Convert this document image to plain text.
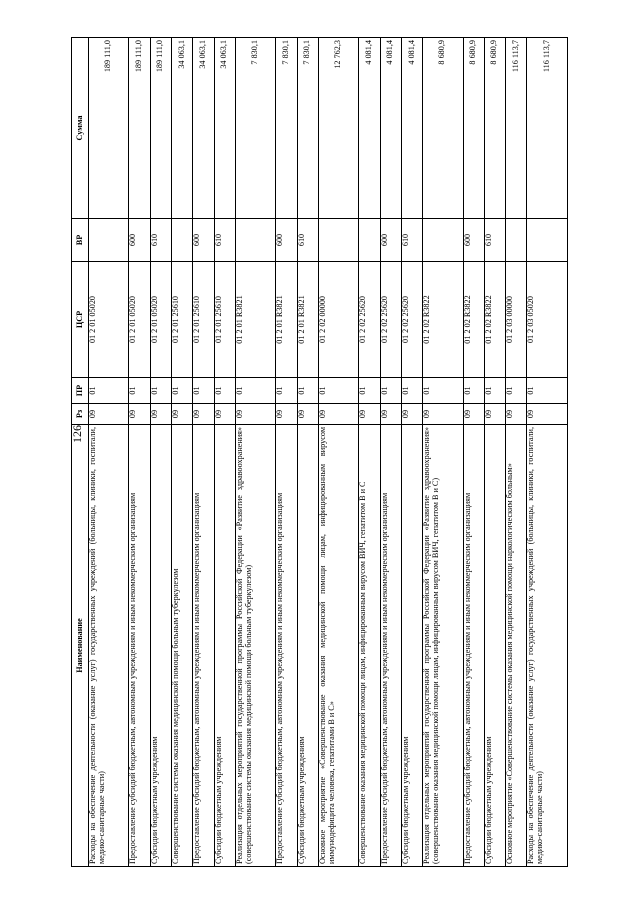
126
Наименование	Рз	ПР	ЦСР	ВР	Сумма
Расходы на обеспечение деятельности (оказание услуг) государственных учреждений (больницы, клиники, госпитали, медико-санитарные части)	09	01	01 2 01 05020		189 111,0
Предоставление субсидий бюджетным, автономным учреждениям и иным некоммерческим организациям	09	01	01 2 01 05020	600	189 111,0
Субсидии бюджетным учреждениям	09	01	01 2 01 05020	610	189 111,0
Совершенствование системы оказания медицинской помощи больным туберкулезом	09	01	01 2 01 25610		34 063,1
Предоставление субсидий бюджетным, автономным учреждениям и иным некоммерческим организациям	09	01	01 2 01 25610	600	34 063,1
Субсидии бюджетным учреждениям	09	01	01 2 01 25610	610	34 063,1
Реализация отдельных мероприятий государственной программы Российской Федерации «Развитие здравоохранения» (совершенствование системы оказания медицинской помощи больным туберкулезом)	09	01	01 2 01 R3821		7 830,1
Предоставление субсидий бюджетным, автономным учреждениям и иным некоммерческим организациям	09	01	01 2 01 R3821	600	7 830,1
Субсидии бюджетным учреждениям	09	01	01 2 01 R3821	610	7 830,1
Основное мероприятие «Совершенствование оказания медицинской помощи лицам, инфицированным вирусом иммунодефицита человека, гепатитами В и С»	09	01	01 2 02 00000		12 762,3
Совершенствование оказания медицинской помощи лицам, инфицированным вирусом ВИЧ, гепатитом В и С	09	01	01 2 02 25620		4 081,4
Предоставление субсидий бюджетным, автономным учреждениям и иным некоммерческим организациям	09	01	01 2 02 25620	600	4 081,4
Субсидии бюджетным учреждениям	09	01	01 2 02 25620	610	4 081,4
Реализация отдельных мероприятий государственной программы Российской Федерации «Развитие здравоохранения» (совершенствование оказания медицинской помощи лицам, инфицированным вирусом ВИЧ, гепатитом В и С)	09	01	01 2 02 R3822		8 680,9
Предоставление субсидий бюджетным, автономным учреждениям и иным некоммерческим организациям	09	01	01 2 02 R3822	600	8 680,9
Субсидии бюджетным учреждениям	09	01	01 2 02 R3822	610	8 680,9
Основное мероприятие «Совершенствование системы оказания медицинской помощи наркологическим больным»	09	01	01 2 03 00000		116 113,7
Расходы на обеспечение деятельности (оказание услуг) государственных учреждений (больницы, клиники, госпитали, медико-санитарные части)	09	01	01 2 03 05020		116 113,7
